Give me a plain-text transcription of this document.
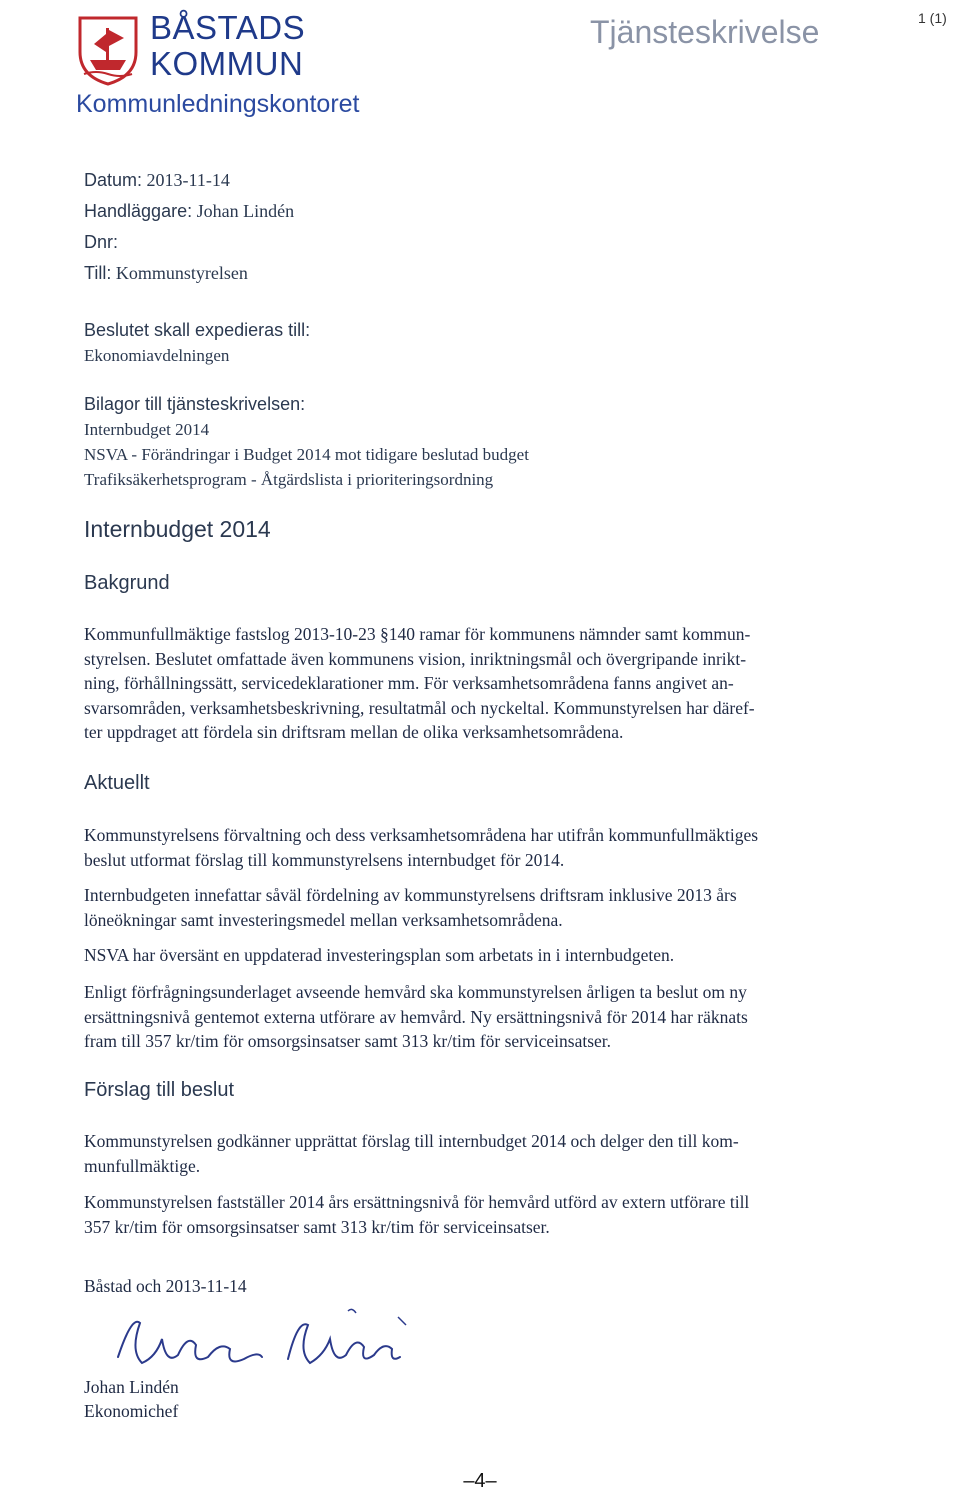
BÅSTADS
KOMMUN
Kommunledningskontoret
Tjänsteskrivelse	1 (1)
Datum: 2013-11-14
Handläggare: Johan Lindén
Dnr:
Till: Kommunstyrelsen
Beslutet skall expedieras till:
Ekonomiavdelningen
Bilagor till tjänsteskrivelsen:
Internbudget 2014
NSVA - Förändringar i Budget 2014 mot tidigare beslutad budget
Trafiksäkerhetsprogram - Åtgärdslista i prioriteringsordning
Internbudget 2014
Bakgrund
Kommunfullmäktige fastslog 2013-10-23 §140 ramar för kommunens nämnder samt kommun-
styrelsen. Beslutet omfattade även kommunens vision, inriktningsmål och övergripande inrikt-
ning, förhållningssätt, servicedeklarationer mm. För verksamhetsområdena fanns angivet an-
svarsområden, verksamhetsbeskrivning, resultatmål och nyckeltal. Kommunstyrelsen har däref-
ter uppdraget att fördela sin driftsram mellan de olika verksamhetsområdena.
Aktuellt
Kommunstyrelsens förvaltning och dess verksamhetsområdena har utifrån kommunfullmäktiges
beslut utformat förslag till kommunstyrelsens internbudget för 2014.
Internbudgeten innefattar såväl fördelning av kommunstyrelsens driftsram inklusive 2013 års
löneökningar samt investeringsmedel mellan verksamhetsområdena.
NSVA har översänt en uppdaterad investeringsplan som arbetats in i internbudgeten.
Enligt förfrågningsunderlaget avseende hemvård ska kommunstyrelsen årligen ta beslut om ny
ersättningsnivå gentemot externa utförare av hemvård. Ny ersättningsnivå för 2014 har räknats
fram till 357 kr/tim för omsorgsinsatser samt 313 kr/tim för serviceinsatser.
Förslag till beslut
Kommunstyrelsen godkänner upprättat förslag till internbudget 2014 och delger den till kom-
munfullmäktige.
Kommunstyrelsen fastställer 2014 års ersättningsnivå för hemvård utförd av extern utförare till
357 kr/tim för omsorgsinsatser samt 313 kr/tim för serviceinsatser.
Båstad och 2013-11-14
Johan Lindén
Ekonomichef
–4–
